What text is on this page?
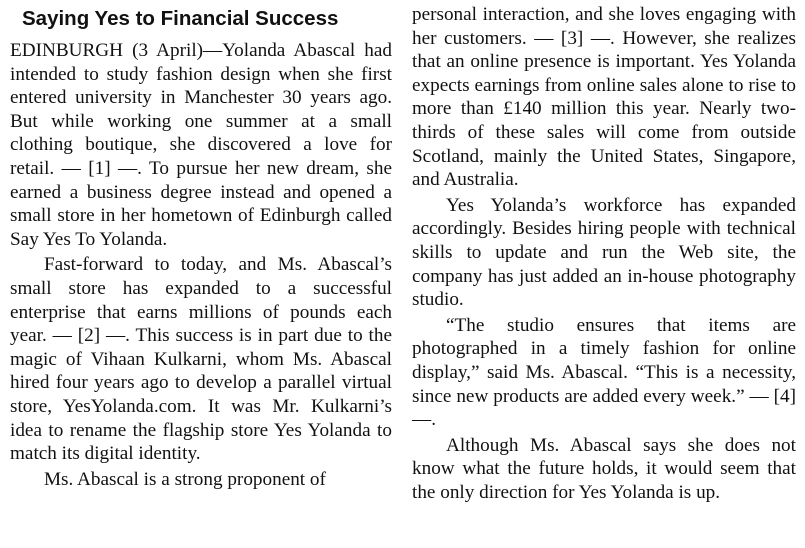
Saying Yes to Financial Success

EDINBURGH (3 April)—Yolanda Abascal had intended to study fashion design when she first entered university in Manchester 30 years ago. But while working one summer at a small clothing boutique, she discovered a love for retail. — [1] —. To pursue her new dream, she earned a business degree instead and opened a small store in her hometown of Edinburgh called Say Yes To Yolanda.

Fast-forward to today, and Ms. Abascal’s small store has expanded to a successful enterprise that earns millions of pounds each year. — [2] —. This success is in part due to the magic of Vihaan Kulkarni, whom Ms. Abascal hired four years ago to develop a parallel virtual store, YesYolanda.com. It was Mr. Kulkarni’s idea to rename the flagship store Yes Yolanda to match its digital identity.

Ms. Abascal is a strong proponent of

personal interaction, and she loves engaging with her customers. — [3] —. However, she realizes that an online presence is important. Yes Yolanda expects earnings from online sales alone to rise to more than £140 million this year. Nearly two-thirds of these sales will come from outside Scotland, mainly the United States, Singapore, and Australia.

Yes Yolanda’s workforce has expanded accordingly. Besides hiring people with technical skills to update and run the Web site, the company has just added an in-house photography studio.

“The studio ensures that items are photographed in a timely fashion for online display,” said Ms. Abascal. “This is a necessity, since new products are added every week.” — [4] —.

Although Ms. Abascal says she does not know what the future holds, it would seem that the only direction for Yes Yolanda is up.
